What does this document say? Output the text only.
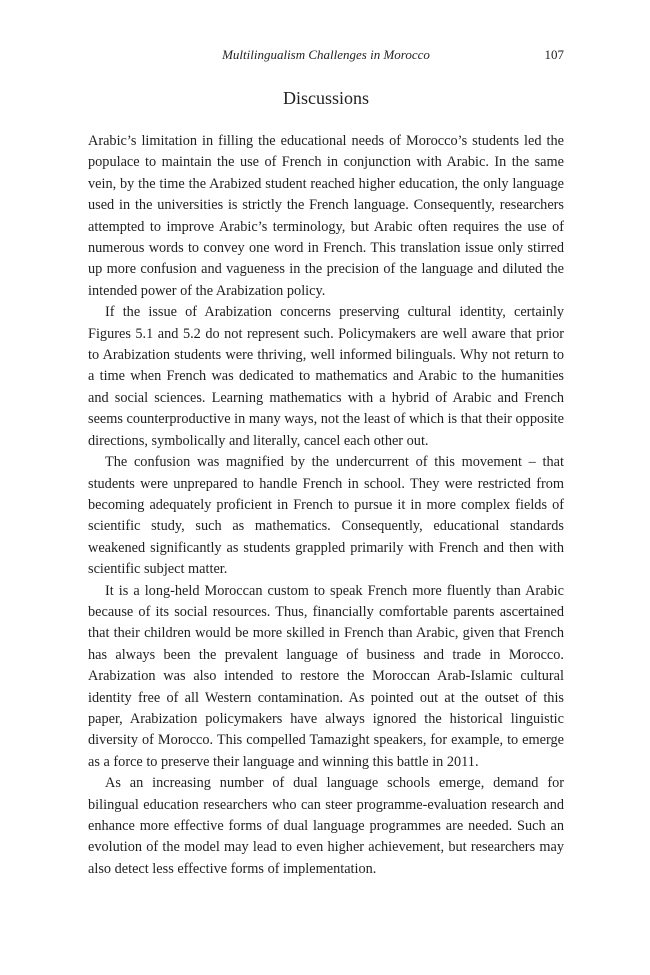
Multilingualism Challenges in Morocco	107
Discussions

Arabic’s limitation in filling the educational needs of Morocco’s students led the populace to maintain the use of French in conjunction with Arabic. In the same vein, by the time the Arabized student reached higher education, the only language used in the universities is strictly the French language. Consequently, researchers attempted to improve Arabic’s terminology, but Arabic often requires the use of numerous words to convey one word in French. This translation issue only stirred up more confusion and vagueness in the precision of the language and diluted the intended power of the Arabization policy.

If the issue of Arabization concerns preserving cultural identity, certainly Figures 5.1 and 5.2 do not represent such. Policymakers are well aware that prior to Arabization students were thriving, well informed bilinguals. Why not return to a time when French was dedicated to mathematics and Arabic to the humanities and social sciences. Learning mathematics with a hybrid of Arabic and French seems counterproductive in many ways, not the least of which is that their opposite directions, symbolically and literally, cancel each other out.

The confusion was magnified by the undercurrent of this movement – that students were unprepared to handle French in school. They were restricted from becoming adequately proficient in French to pursue it in more complex fields of scientific study, such as mathematics. Consequently, educational standards weakened significantly as students grappled primarily with French and then with scientific subject matter.

It is a long-held Moroccan custom to speak French more fluently than Arabic because of its social resources. Thus, financially comfortable parents ascertained that their children would be more skilled in French than Arabic, given that French has always been the prevalent language of business and trade in Morocco. Arabization was also intended to restore the Moroccan Arab-Islamic cultural identity free of all Western contamination. As pointed out at the outset of this paper, Arabization policymakers have always ignored the historical linguistic diversity of Morocco. This compelled Tamazight speakers, for example, to emerge as a force to preserve their language and winning this battle in 2011.

As an increasing number of dual language schools emerge, demand for bilingual education researchers who can steer programme-evaluation research and enhance more effective forms of dual language programmes are needed. Such an evolution of the model may lead to even higher achievement, but researchers may also detect less effective forms of implementation.
